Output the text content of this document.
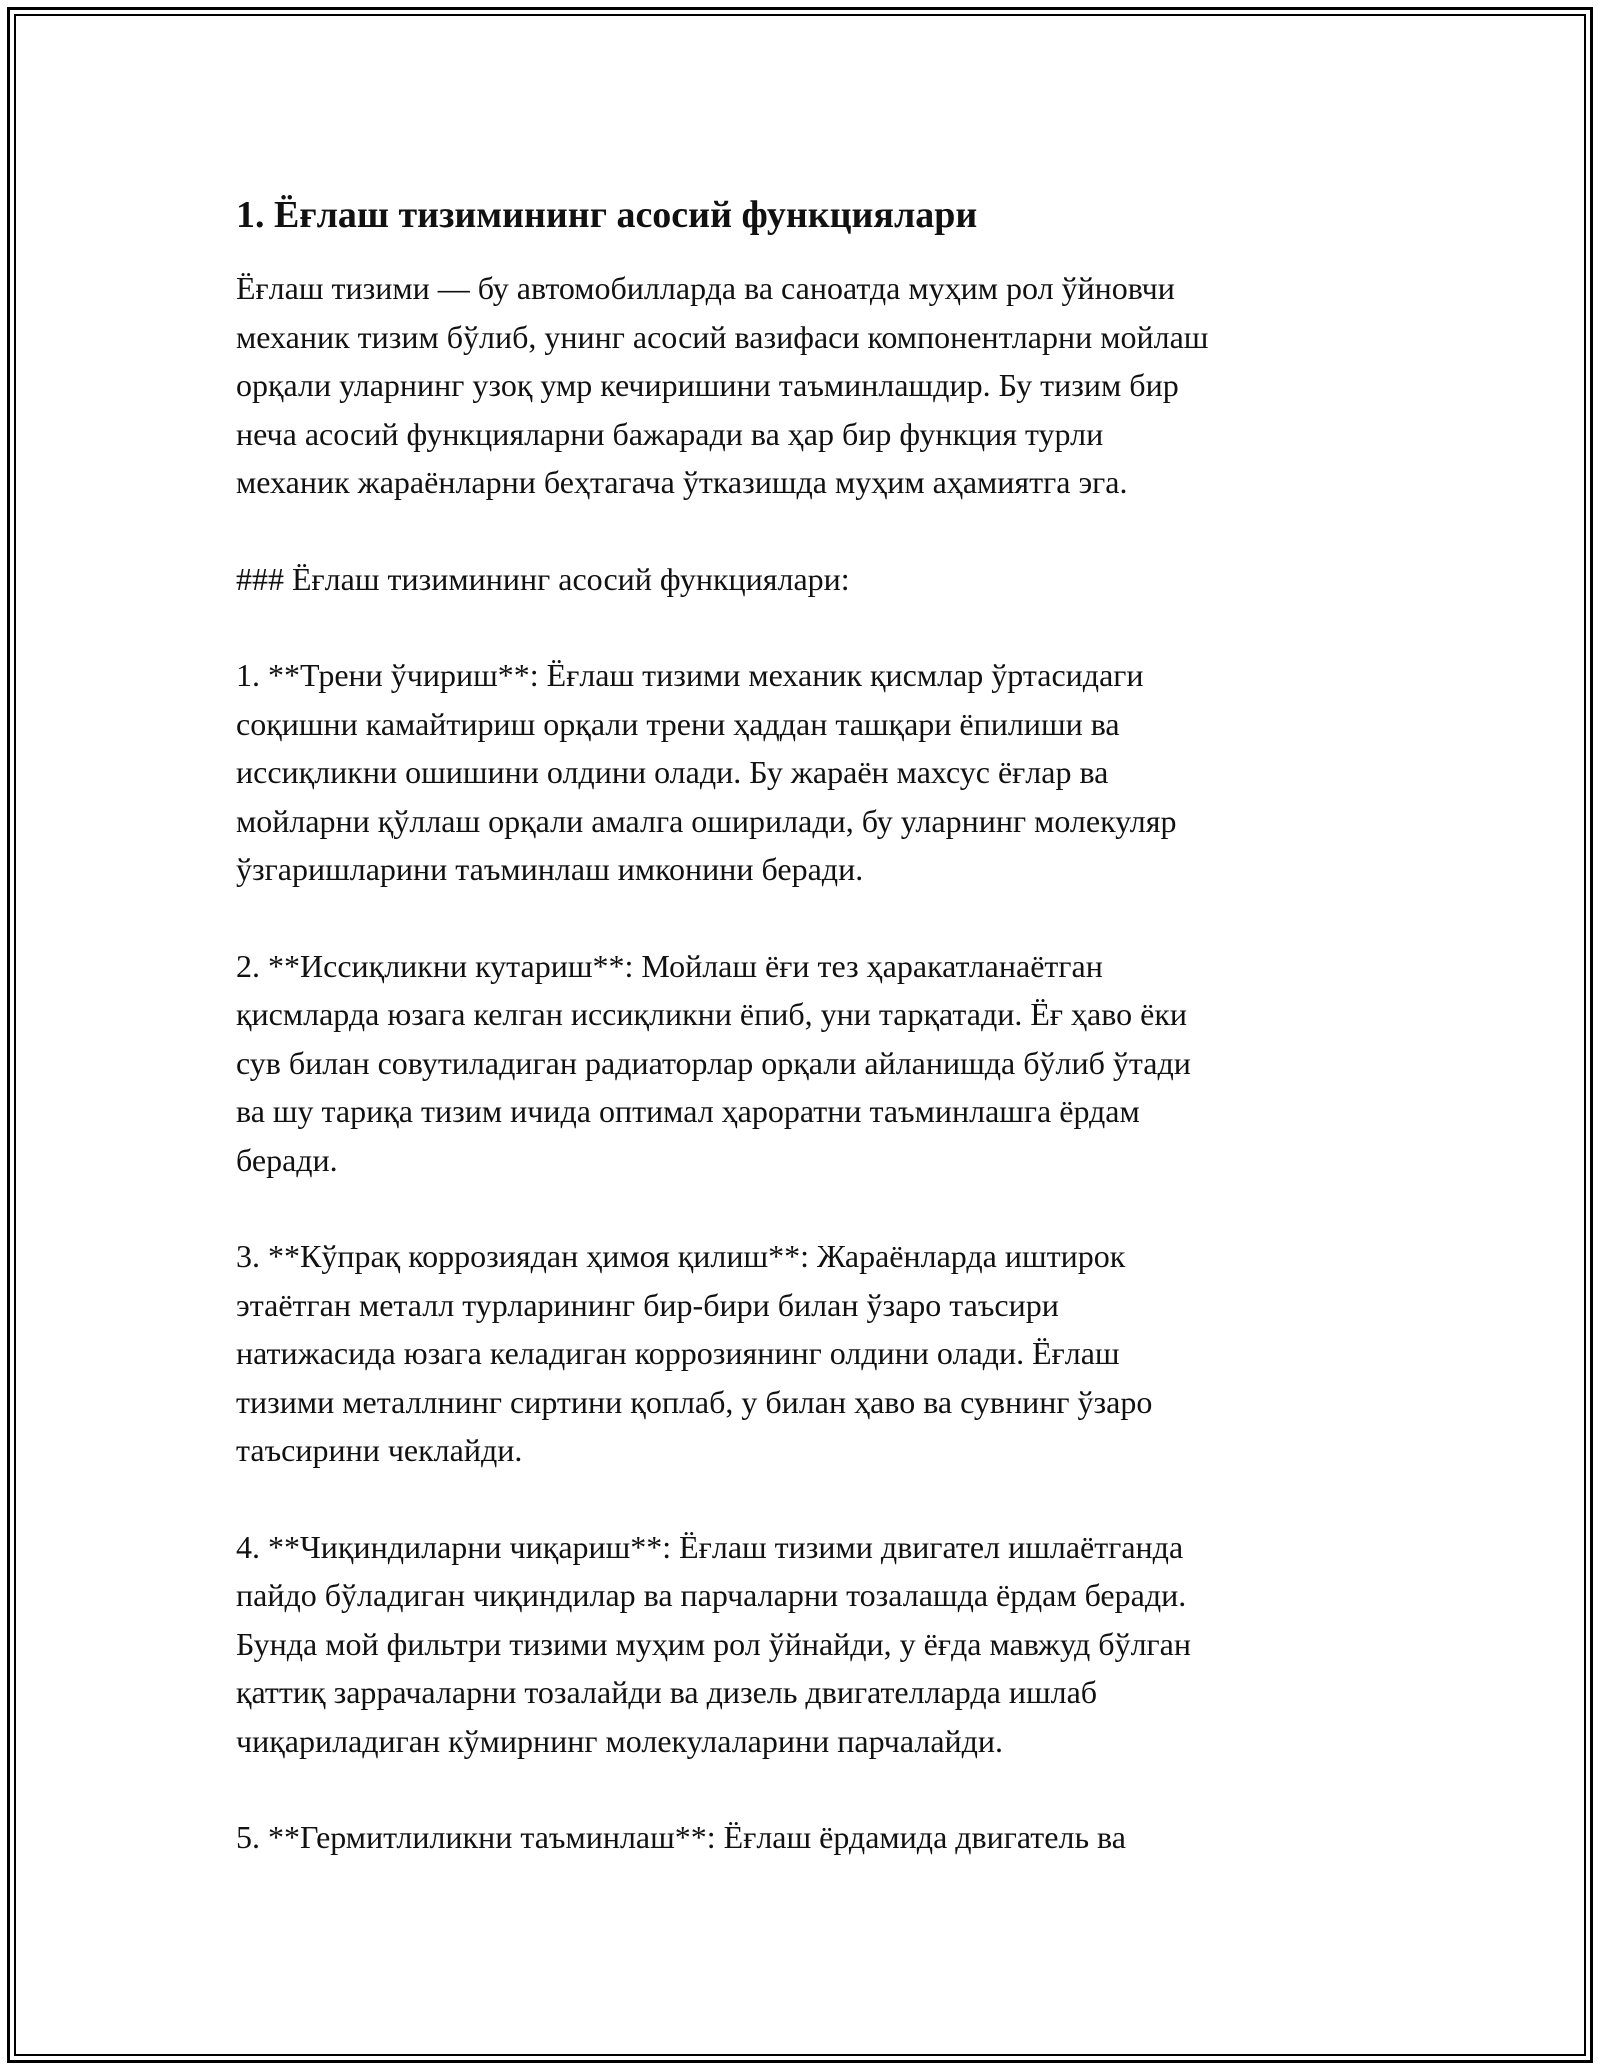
1. Ёғлаш тизимининг асосий функциялари

Ёғлаш тизими — бу автомобилларда ва саноатда муҳим рол ўйновчи
механик тизим бўлиб, унинг асосий вазифаси компонентларни мойлаш
орқали уларнинг узоқ умр кечиришини таъминлашдир. Бу тизим бир
неча асосий функцияларни бажаради ва ҳар бир функция турли
механик жараёнларни беҳтагача ўтказишда муҳим аҳамиятга эга.

### Ёғлаш тизимининг асосий функциялари:

1. **Трени ўчириш**: Ёғлаш тизими механик қисмлар ўртасидаги
соқишни камайтириш орқали трени ҳаддан ташқари ёпилиши ва
иссиқликни ошишини олдини олади. Бу жараён махсус ёғлар ва
мойларни қўллаш орқали амалга оширилади, бу уларнинг молекуляр
ўзгаришларини таъминлаш имконини беради.

2. **Иссиқликни кутариш**: Мойлаш ёғи тез ҳаракатланаётган
қисмларда юзага келган иссиқликни ёпиб, уни тарқатади. Ёғ ҳаво ёки
сув билан совутиладиган радиаторлар орқали айланишда бўлиб ўтади
ва шу тариқа тизим ичида оптимал ҳароратни таъминлашга ёрдам
беради.

3. **Кўпрақ коррозиядан ҳимоя қилиш**: Жараёнларда иштирок
этаётган металл турларининг бир-бири билан ўзаро таъсири
натижасида юзага келадиган коррозиянинг олдини олади. Ёғлаш
тизими металлнинг сиртини қоплаб, у билан ҳаво ва сувнинг ўзаро
таъсирини чеклайди.

4. **Чиқиндиларни чиқариш**: Ёғлаш тизими двигател ишлаётганда
пайдо бўладиган чиқиндилар ва парчаларни тозалашда ёрдам беради.
Бунда мой фильтри тизими муҳим рол ўйнайди, у ёғда мавжуд бўлган
қаттиқ заррачаларни тозалайди ва дизель двигателларда ишлаб
чиқариладиган кўмирнинг молекулаларини парчалайди.

5. **Гермитлиликни таъминлаш**: Ёғлаш ёрдамида двигатель ва
